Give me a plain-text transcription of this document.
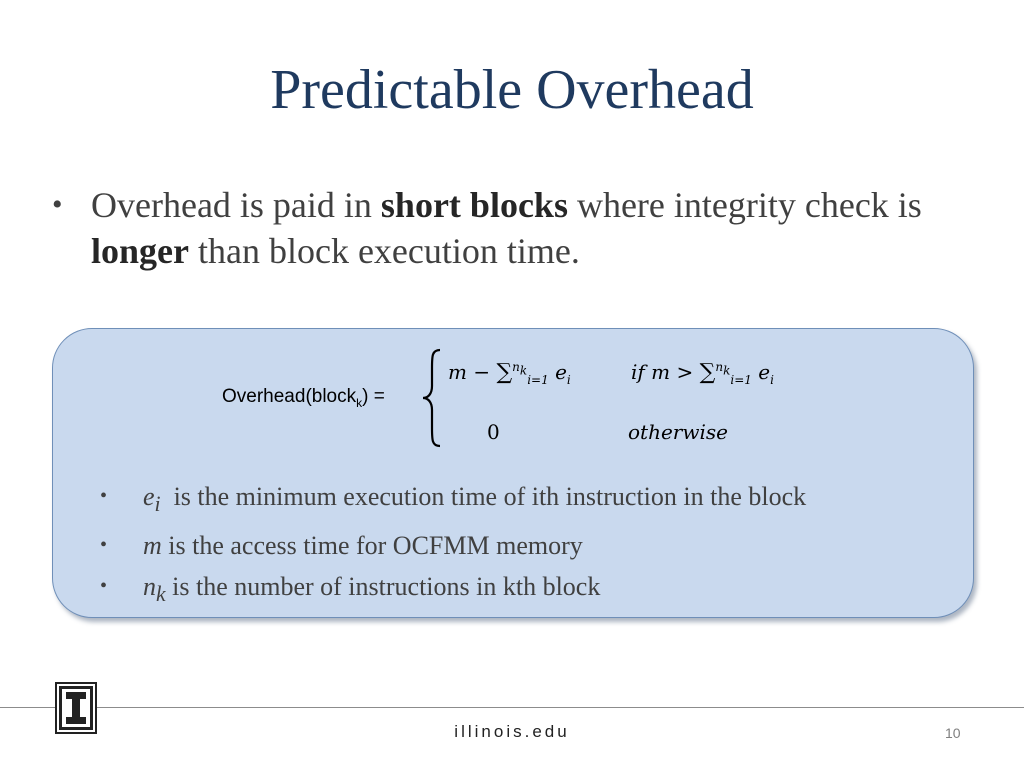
Predictable Overhead
• Overhead is paid in short blocks where integrity check is longer than block execution time.
Overhead(block$_k$) =
m − ∑$^{n_k}_{i=1}$ $e_i$	if m > ∑$^{n_k}_{i=1}$ $e_i$
0	otherwise
• $e_i$ is the minimum execution time of ith instruction in the block
• m is the access time for OCFMM memory
• $n_k$ is the number of instructions in kth block
illinois.edu	10
